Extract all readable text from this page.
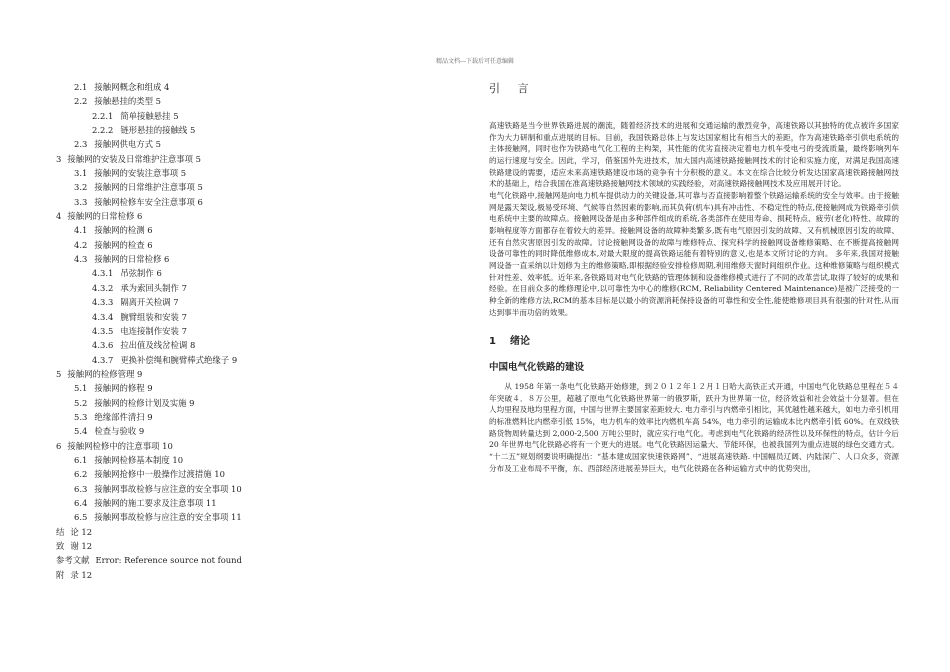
精品文档---下载后可任意编辑
2.1 接触网概念和组成 4
2.2 接触悬挂的类型 5
2.2.1 简单接触悬挂 5
2.2.2 链形悬挂的接触线 5
2.3 接触网供电方式 5
3 接触网的安装及日常维护注意事项 5
3.1 接触网的安装注意事项 5
3.2 接触网的日常维护注意事项 5
3.3 接触网检修车安全注意事项 6
4 接触网的日常检修 6
4.1 接触网的检测 6
4.2 接触网的检查 6
4.3 接触网的日常检修 6
4.3.1 吊弦制作 6
4.3.2 承为索回头制作 7
4.3.3 隔离开关检调 7
4.3.4 腕臂组装和安装 7
4.3.5 电连接制作安装 7
4.3.6 拉出值及线岔检调 8
4.3.7 更换补偿绳和腕臂棒式绝缘子 9
5 接触网的检修管理 9
5.1 接触网的修程 9
5.2 接触网的检修计划及实施 9
5.3 绝缘部件清扫 9
5.4 检查与验收 9
6 接触网检修中的注意事项 10
6.1 接触网检修基本制度 10
6.2 接触网抢修中一般操作过渡措施 10
6.3 接触网事故检修与应注意的安全事项 10
6.4 接触网的施工要求及注意事项 11
6.5 接触网事故检修与应注意的安全事项 11
结 论 12
致 谢 12
参考文献 Error: Reference source not found
附 录 12
引 言

高速铁路是当今世界铁路进展的潮流，随着经济技术的进展和交通运输的激烈竞争，高速铁路以其独特的优点被许多国家作为大力研制和重点进展的目标。目前，我国铁路总体上与发达国家相比有相当大的差距，作为高速铁路牵引供电系统的主体接触网，同时也作为铁路电气化工程的主构架，其性能的优劣直接决定着电力机车受电弓的受流质量，最终影响列车的运行速度与安全。因此，学习，借鉴国外先进技术，加大国内高速铁路接触网技术的讨论和实施力度，对满足我国高速铁路建设的需要，适应未来高速铁路建设市场的竞争有十分积极的意义。本文在综合比较分析发达国家高速铁路接触网技术的基础上，结合我国在准高速铁路接触网技术领域的实践经验，对高速铁路接触网技术及应用展开讨论。

电气化铁路中,接触网是向电力机车提供动力的关键设备,其可靠与否直接影响着整个铁路运输系统的安全与效率。由于接触网是露天架设,极易受环境、气候等自然因素的影响,而其负荷(机车)具有冲击性、不稳定性的特点,使接触网成为铁路牵引供电系统中主要的故障点。接触网设备是由多种部件组成的系统,各类部件在使用寿命、损耗特点、疲劳(老化)特性、故障的影响程度等方面都存在着较大的差异。接触网设备的故障种类繁多,既有电气原因引发的故障、又有机械原因引发的故障、还有自然灾害原因引发的故障。讨论接触网设备的故障与维修特点、探究科学的接触网设备维修策略、在不断提高接触网设备可靠性的同时降低维修成本,对最大限度的提高铁路运能有着特别的意义,也是本文所讨论的方向。 多年来,我国对接触网设备一直采纳以计划修为主的维修策略,即根据经验安排检修周期,利用维修天窗时间组织作业。这种维修策略与组织模式针对性差、效率低。近年来,各铁路局对电气化铁路的管理体制和设备维修模式进行了不同的改革尝试,取得了较好的成果和经验。在目前众多的维修理论中,以可靠性为中心的维修(RCM, Reliability Centered Maintenance)是被广泛接受的一种全新的维修方法,RCM的基本目标是以最小的资源消耗保持设备的可靠性和安全性,能使维修项目具有很强的针对性,从而达到事半而功倍的效果。

1 绪论
中国电气化铁路的建设

从 1958 年第一条电气化铁路开始修建，到２０１２年１２月１日哈大高铁正式开通，中国电气化铁路总里程在５４年突破４．８万公里，超越了原电气化铁路世界第一的俄罗斯，跃升为世界第一位，经济效益和社会效益十分显著。但在人均里程及地均里程方面，中国与世界主要国家差距较大. 电力牵引与内燃牵引相比，其优越性越来越大，如电力牵引机用的标准燃料比内燃牵引低 15%，电力机车的效率比内燃机车高 54%，电力牵引的运输成本比内燃牵引低 60%。在双线铁路货物周转量达到 2,000-2,500 万吨公里时，就应实行电气化。考虑到电气化铁路的经济性以及环保性的特点，估计今后 20 年世界电气化铁路必将有一个更大的进展。电气化铁路因运量大、节能环保，也被我国列为重点进展的绿色交通方式。 “十二五”规划纲要说明确提出：“基本建成国家快速铁路网”、“进展高速铁路. 中国幅员辽阔、内陆深广、人口众多，资源分布及工业布局不平衡，东、西部经济进展差异巨大，电气化铁路在各种运输方式中的优势突出，
